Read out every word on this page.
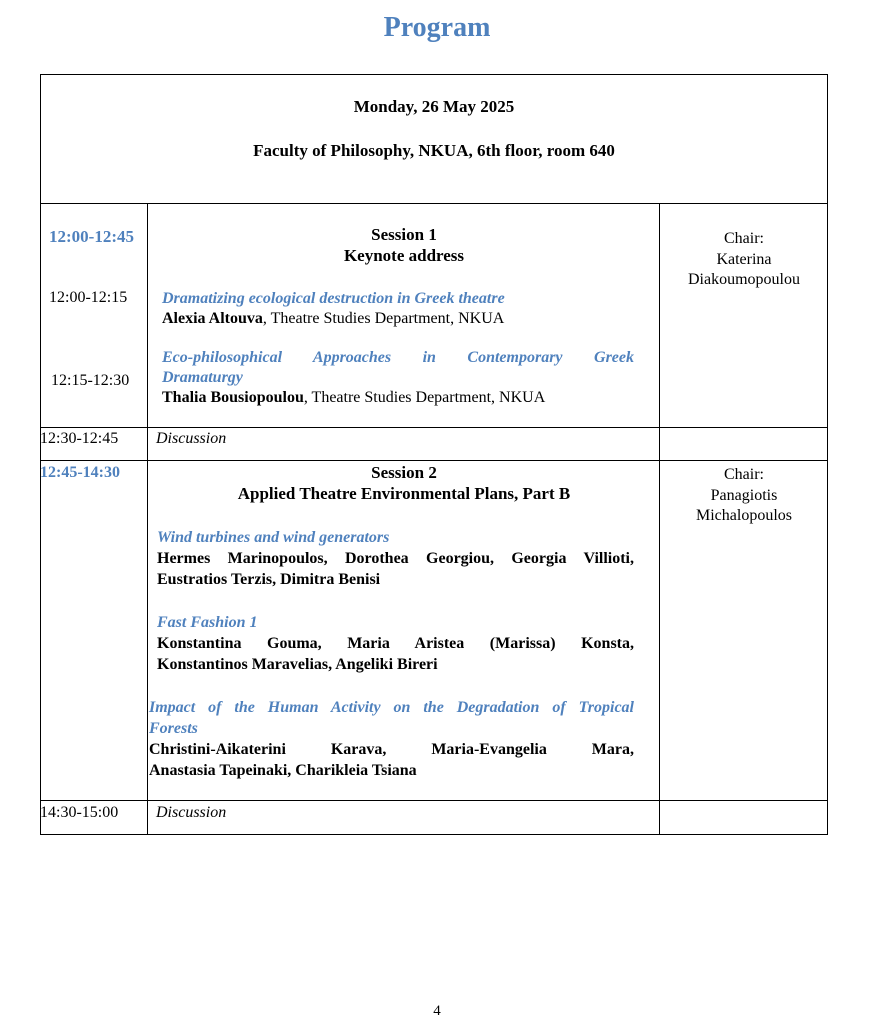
Program
Monday, 26 May 2025
Faculty of Philosophy, NKUA, 6th floor, room 640
12:00-12:45	Session 1
Keynote address
12:00-12:15 Dramatizing ecological destruction in Greek theatre
Alexia Altouva, Theatre Studies Department, NKUA
Eco-philosophical Approaches in Contemporary Greek
Dramaturgy
12:15-12:30
Thalia Bousiopoulou, Theatre Studies Department, NKUA
Chair:
Katerina Diakoumopoulou
12:30-12:45 Discussion
12:45-14:30	Session 2
Applied Theatre Environmental Plans, Part B
Chair:
Panagiotis Michalopoulos
Wind turbines and wind generators
Hermes Marinopoulos, Dorothea Georgiou, Georgia Villioti,
Eustratios Terzis, Dimitra Benisi
Fast Fashion 1
Konstantina Gouma, Maria Aristea (Marissa) Konsta,
Konstantinos Maravelias, Angeliki Bireri
Impact of the Human Activity on the Degradation of Tropical
Forests
Christini-Aikaterini Karava, Maria-Evangelia Mara,
Anastasia Tapeinaki, Charikleia Tsiana
14:30-15:00 Discussion
4
